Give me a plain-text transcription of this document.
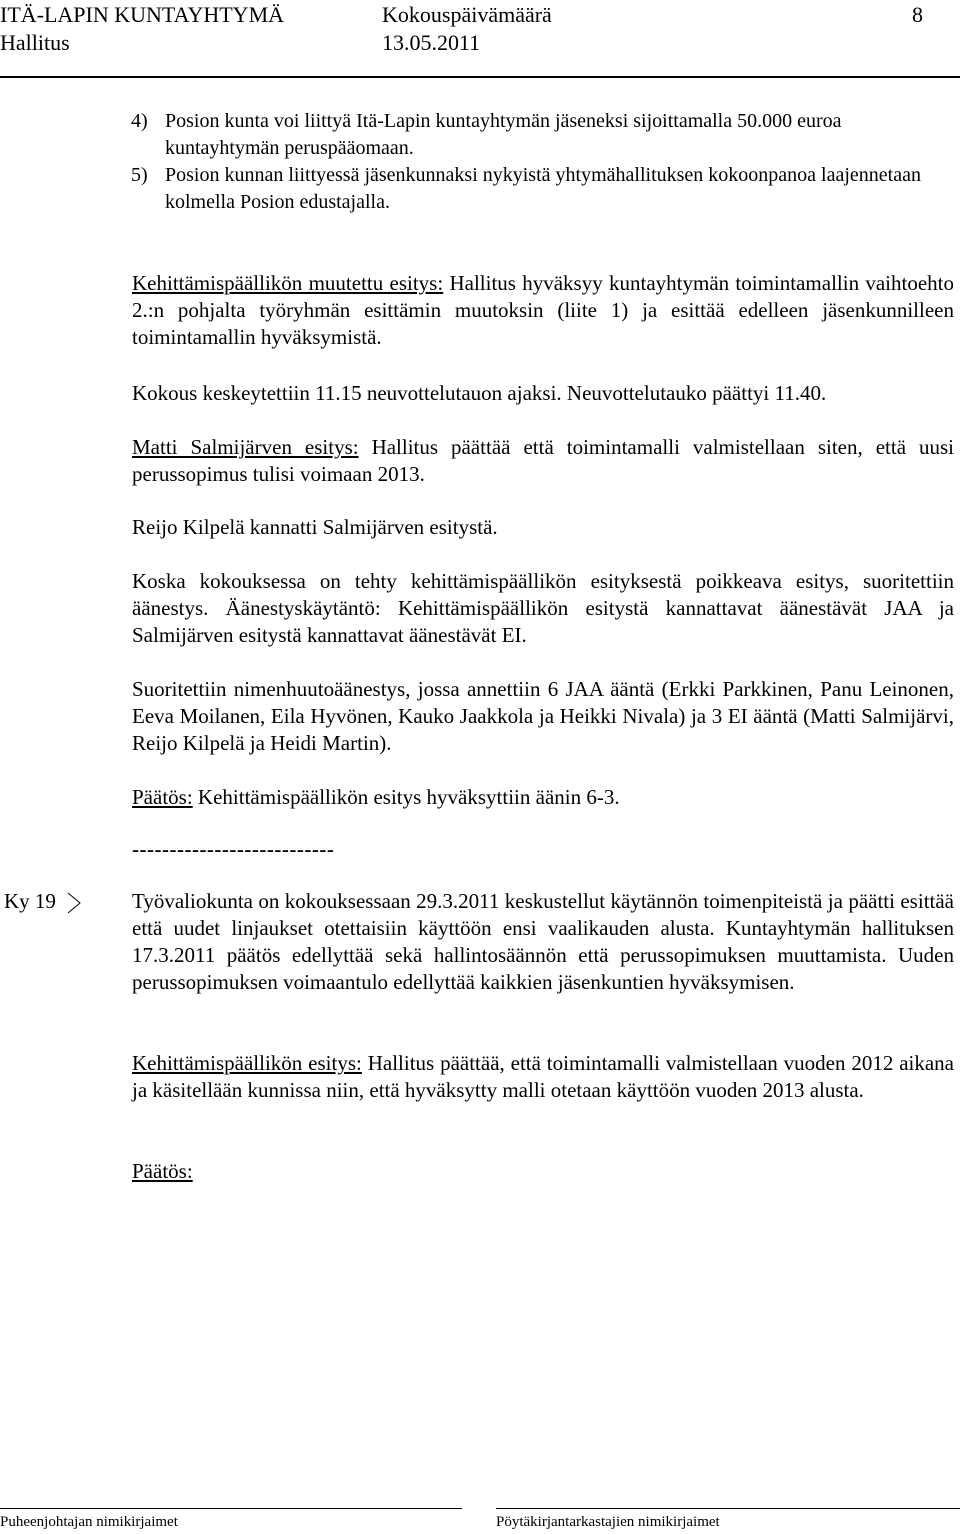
ITÄ-LAPIN KUNTAYHTYMÄ	Kokouspäivämäärä	8
Hallitus	13.05.2011
4) Posion kunta voi liittyä Itä-Lapin kuntayhtymän jäseneksi sijoittamalla 50.000 euroa kuntayhtymän peruspääomaan.
5) Posion kunnan liittyessä jäsenkunnaksi nykyistä yhtymähallituksen kokoonpanoa laajennetaan kolmella Posion edustajalla.
Kehittämispäällikön muutettu esitys: Hallitus hyväksyy kuntayhtymän toimintamallin vaihtoehto 2.:n pohjalta työryhmän esittämin muutoksin (liite 1) ja esittää edelleen jäsenkunnilleen toimintamallin hyväksymistä.
Kokous keskeytettiin 11.15 neuvottelutauon ajaksi. Neuvottelutauko päättyi 11.40.
Matti Salmijärven esitys: Hallitus päättää että toimintamalli valmistellaan siten, että uusi perussopimus tulisi voimaan 2013.
Reijo Kilpelä kannatti Salmijärven esitystä.
Koska kokouksessa on tehty kehittämispäällikön esityksestä poikkeava esitys, suoritettiin äänestys. Äänestyskäytäntö: Kehittämispäällikön esitystä kannattavat äänestävät JAA ja Salmijärven esitystä kannattavat äänestävät EI.
Suoritettiin nimenhuutoäänestys, jossa annettiin 6 JAA ääntä (Erkki Parkkinen, Panu Leinonen, Eeva Moilanen, Eila Hyvönen, Kauko Jaakkola ja Heikki Nivala) ja 3 EI ääntä (Matti Salmijärvi, Reijo Kilpelä ja Heidi Martin).
Päätös: Kehittämispäällikön esitys hyväksyttiin äänin 6-3.
---------------------------
Ky 19	Työvaliokunta on kokouksessaan 29.3.2011 keskustellut käytännön toimenpiteistä ja päätti esittää että uudet linjaukset otettaisiin käyttöön ensi vaalikauden alusta. Kuntayhtymän hallituksen 17.3.2011 päätös edellyttää sekä hallintosäännön että perussopimuksen muuttamista. Uuden perussopimuksen voimaantulo edellyttää kaikkien jäsenkuntien hyväksymisen.
Kehittämispäällikön esitys: Hallitus päättää, että toimintamalli valmistellaan vuoden 2012 aikana ja käsitellään kunnissa niin, että hyväksytty malli otetaan käyttöön vuoden 2013 alusta.
Päätös:
Puheenjohtajan nimikirjaimet	Pöytäkirjantarkastajien nimikirjaimet
